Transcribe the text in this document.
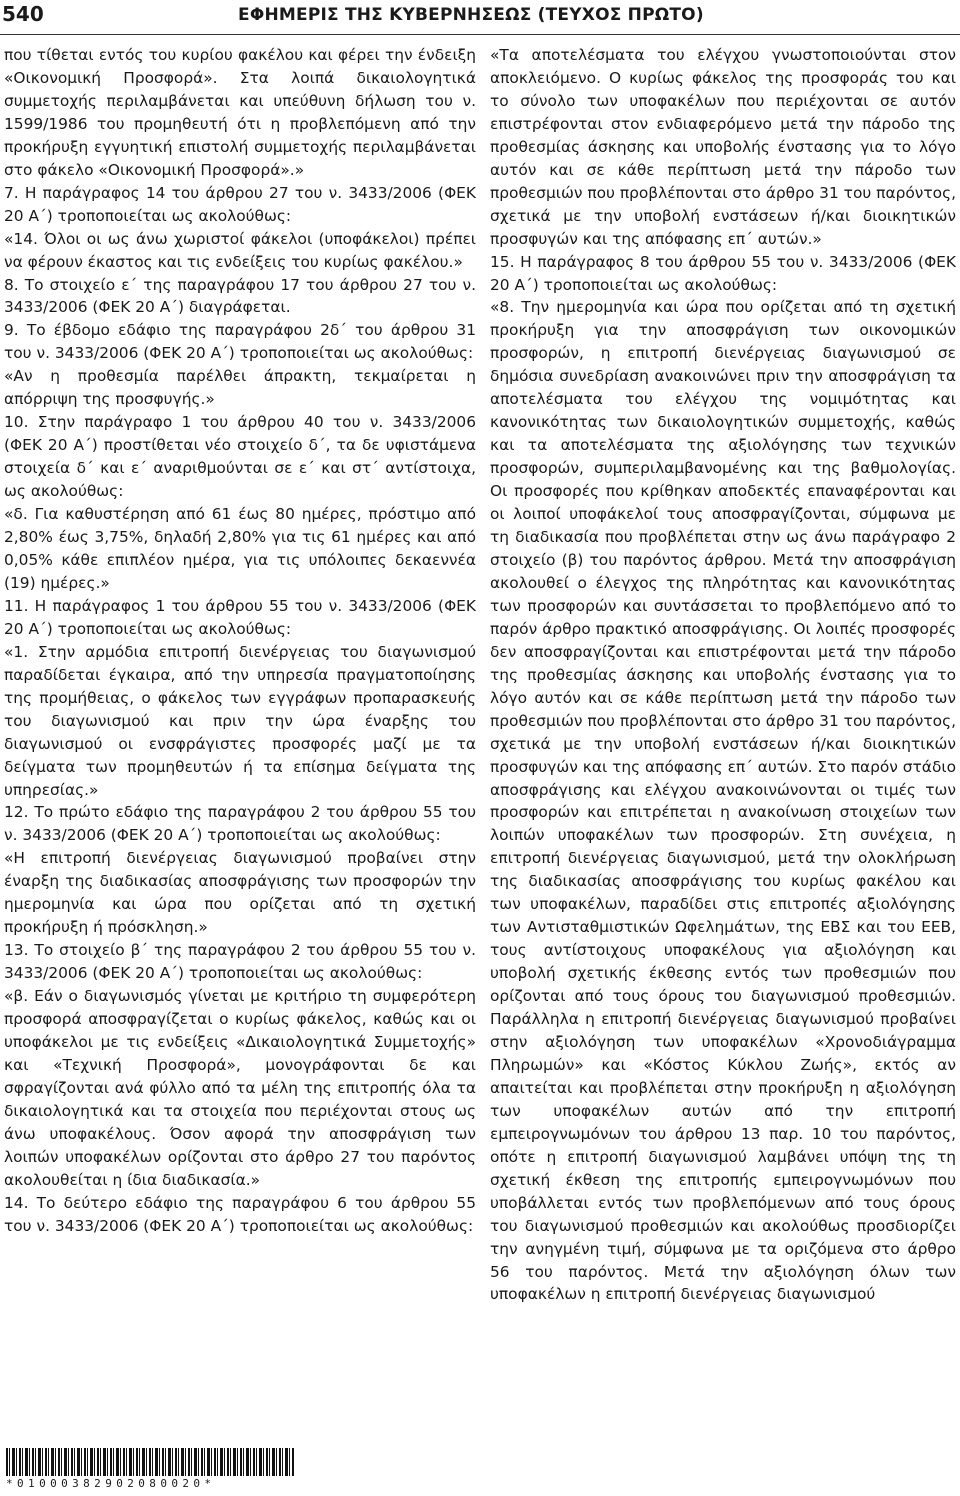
540	ΕΦΗΜΕΡΙΣ ΤΗΣ ΚΥΒΕΡΝΗΣΕΩΣ (ΤΕΥΧΟΣ ΠΡΩΤΟ)

που τίθεται εντός του κυρίου φακέλου και φέρει την ένδειξη «Οικονομική Προσφορά». Στα λοιπά δικαιολογητικά συμμετοχής περιλαμβάνεται και υπεύθυνη δήλωση του ν. 1599/1986 του προμηθευτή ότι η προβλεπόμενη από την προκήρυξη εγγυητική επιστολή συμμετοχής περιλαμβάνεται στο φάκελο «Οικονομική Προσφορά».»

7. Η παράγραφος 14 του άρθρου 27 του ν. 3433/2006 (ΦΕΚ 20 Α΄) τροποποιείται ως ακολούθως:

«14. Όλοι οι ως άνω χωριστοί φάκελοι (υποφάκελοι) πρέπει να φέρουν έκαστος και τις ενδείξεις του κυρίως φακέλου.»

8. Το στοιχείο ε΄ της παραγράφου 17 του άρθρου 27 του ν. 3433/2006 (ΦΕΚ 20 Α΄) διαγράφεται.

9. Το έβδομο εδάφιο της παραγράφου 2δ΄ του άρθρου 31 του ν. 3433/2006 (ΦΕΚ 20 Α΄) τροποποιείται ως ακολούθως:

«Αν η προθεσμία παρέλθει άπρακτη, τεκμαίρεται η απόρριψη της προσφυγής.»

10. Στην παράγραφο 1 του άρθρου 40 του ν. 3433/2006 (ΦΕΚ 20 Α΄) προστίθεται νέο στοιχείο δ΄, τα δε υφιστάμενα στοιχεία δ΄ και ε΄ αναριθμούνται σε ε΄ και στ΄ αντίστοιχα, ως ακολούθως:

«δ. Για καθυστέρηση από 61 έως 80 ημέρες, πρόστιμο από 2,80% έως 3,75%, δηλαδή 2,80% για τις 61 ημέρες και από 0,05% κάθε επιπλέον ημέρα, για τις υπόλοιπες δεκαεννέα (19) ημέρες.»

11. Η παράγραφος 1 του άρθρου 55 του ν. 3433/2006 (ΦΕΚ 20 Α΄) τροποποιείται ως ακολούθως:

«1. Στην αρμόδια επιτροπή διενέργειας του διαγωνισμού παραδίδεται έγκαιρα, από την υπηρεσία πραγματοποίησης της προμήθειας, ο φάκελος των εγγράφων προπαρασκευής του διαγωνισμού και πριν την ώρα έναρξης του διαγωνισμού οι ενσφράγιστες προσφορές μαζί με τα δείγματα των προμηθευτών ή τα επίσημα δείγματα της υπηρεσίας.»

12. Το πρώτο εδάφιο της παραγράφου 2 του άρθρου 55 του ν. 3433/2006 (ΦΕΚ 20 Α΄) τροποποιείται ως ακολούθως:

«Η επιτροπή διενέργειας διαγωνισμού προβαίνει στην έναρξη της διαδικασίας αποσφράγισης των προσφορών την ημερομηνία και ώρα που ορίζεται από τη σχετική προκήρυξη ή πρόσκληση.»

13. Το στοιχείο β΄ της παραγράφου 2 του άρθρου 55 του ν. 3433/2006 (ΦΕΚ 20 Α΄) τροποποιείται ως ακολούθως:

«β. Εάν ο διαγωνισμός γίνεται με κριτήριο τη συμφερότερη προσφορά αποσφραγίζεται ο κυρίως φάκελος, καθώς και οι υποφάκελοι με τις ενδείξεις «Δικαιολογητικά Συμμετοχής» και «Τεχνική Προσφορά», μονογράφονται δε και σφραγίζονται ανά φύλλο από τα μέλη της επιτροπής όλα τα δικαιολογητικά και τα στοιχεία που περιέχονται στους ως άνω υποφακέλους. Όσον αφορά την αποσφράγιση των λοιπών υποφακέλων ορίζονται στο άρθρο 27 του παρόντος ακολουθείται η ίδια διαδικασία.»

14. Το δεύτερο εδάφιο της παραγράφου 6 του άρθρου 55 του ν. 3433/2006 (ΦΕΚ 20 Α΄) τροποποιείται ως ακολούθως:

«Τα αποτελέσματα του ελέγχου γνωστοποιούνται στον αποκλειόμενο. Ο κυρίως φάκελος της προσφοράς του και το σύνολο των υποφακέλων που περιέχονται σε αυτόν επιστρέφονται στον ενδιαφερόμενο μετά την πάροδο της προθεσμίας άσκησης και υποβολής ένστασης για το λόγο αυτόν και σε κάθε περίπτωση μετά την πάροδο των προθεσμιών που προβλέπονται στο άρθρο 31 του παρόντος, σχετικά με την υποβολή ενστάσεων ή/και διοικητικών προσφυγών και της απόφασης επ΄ αυτών.»

15. Η παράγραφος 8 του άρθρου 55 του ν. 3433/2006 (ΦΕΚ 20 Α΄) τροποποιείται ως ακολούθως:

«8. Την ημερομηνία και ώρα που ορίζεται από τη σχετική προκήρυξη για την αποσφράγιση των οικονομικών προσφορών, η επιτροπή διενέργειας διαγωνισμού σε δημόσια συνεδρίαση ανακοινώνει πριν την αποσφράγιση τα αποτελέσματα του ελέγχου της νομιμότητας και κανονικότητας των δικαιολογητικών συμμετοχής, καθώς και τα αποτελέσματα της αξιολόγησης των τεχνικών προσφορών, συμπεριλαμβανομένης και της βαθμολογίας. Οι προσφορές που κρίθηκαν αποδεκτές επαναφέρονται και οι λοιποί υποφάκελοί τους αποσφραγίζονται, σύμφωνα με τη διαδικασία που προβλέπεται στην ως άνω παράγραφο 2 στοιχείο (β) του παρόντος άρθρου. Μετά την αποσφράγιση ακολουθεί ο έλεγχος της πληρότητας και κανονικότητας των προσφορών και συντάσσεται το προβλεπόμενο από το παρόν άρθρο πρακτικό αποσφράγισης. Οι λοιπές προσφορές δεν αποσφραγίζονται και επιστρέφονται μετά την πάροδο της προθεσμίας άσκησης και υποβολής ένστασης για το λόγο αυτόν και σε κάθε περίπτωση μετά την πάροδο των προθεσμιών που προβλέπονται στο άρθρο 31 του παρόντος, σχετικά με την υποβολή ενστάσεων ή/και διοικητικών προσφυγών και της απόφασης επ΄ αυτών. Στο παρόν στάδιο αποσφράγισης και ελέγχου ανακοινώνονται οι τιμές των προσφορών και επιτρέπεται η ανακοίνωση στοιχείων των λοιπών υποφακέλων των προσφορών. Στη συνέχεια, η επιτροπή διενέργειας διαγωνισμού, μετά την ολοκλήρωση της διαδικασίας αποσφράγισης του κυρίως φακέλου και των υποφακέλων, παραδίδει στις επιτροπές αξιολόγησης των Αντισταθμιστικών Ωφελημάτων, της ΕΒΣ και του ΕΕΒ, τους αντίστοιχους υποφακέλους για αξιολόγηση και υποβολή σχετικής έκθεσης εντός των προθεσμιών που ορίζονται από τους όρους του διαγωνισμού προθεσμιών. Παράλληλα η επιτροπή διενέργειας διαγωνισμού προβαίνει στην αξιολόγηση των υποφακέλων «Χρονοδιάγραμμα Πληρωμών» και «Κόστος Κύκλου Ζωής», εκτός αν απαιτείται και προβλέπεται στην προκήρυξη η αξιολόγηση των υποφακέλων αυτών από την επιτροπή εμπειρογνωμόνων του άρθρου 13 παρ. 10 του παρόντος, οπότε η επιτροπή διαγωνισμού λαμβάνει υπόψη της τη σχετική έκθεση της επιτροπής εμπειρογνωμόνων που υποβάλλεται εντός των προβλεπόμενων από τους όρους του διαγωνισμού προθεσμιών και ακολούθως προσδιορίζει την ανηγμένη τιμή, σύμφωνα με τα οριζόμενα στο άρθρο 56 του παρόντος. Μετά την αξιολόγηση όλων των υποφακέλων η επιτροπή διενέργειας διαγωνισμού

*01000382902080020*
